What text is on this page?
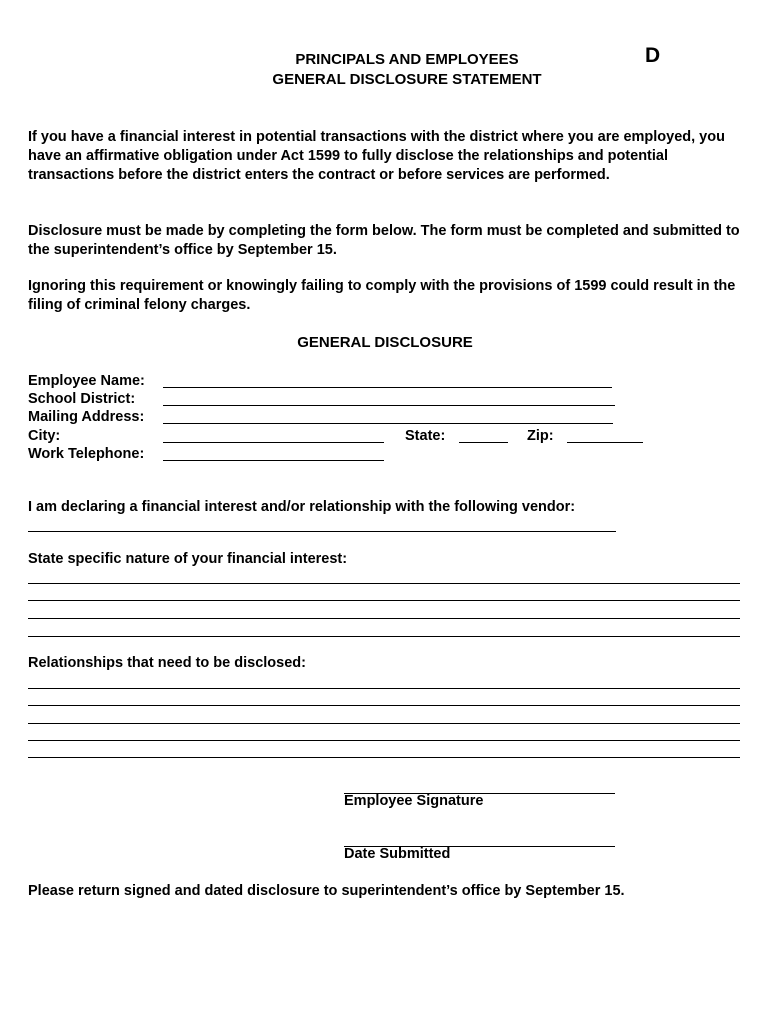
PRINCIPALS AND EMPLOYEES
GENERAL DISCLOSURE STATEMENT
D

If you have a financial interest in potential transactions with the district where you are employed, you have an affirmative obligation under Act 1599 to fully disclose the relationships and potential transactions before the district enters the contract or before services are performed.

Disclosure must be made by completing the form below. The form must be completed and submitted to the superintendent’s office by September 15.

Ignoring this requirement or knowingly failing to comply with the provisions of 1599 could result in the filing of criminal felony charges.

GENERAL DISCLOSURE
Employee Name:
School District:
Mailing Address:
City:	State:	Zip:
Work Telephone:
I am declaring a financial interest and/or relationship with the following vendor:
State specific nature of your financial interest:
Relationships that need to be disclosed:
Employee Signature
Date Submitted
Please return signed and dated disclosure to superintendent’s office by September 15.
